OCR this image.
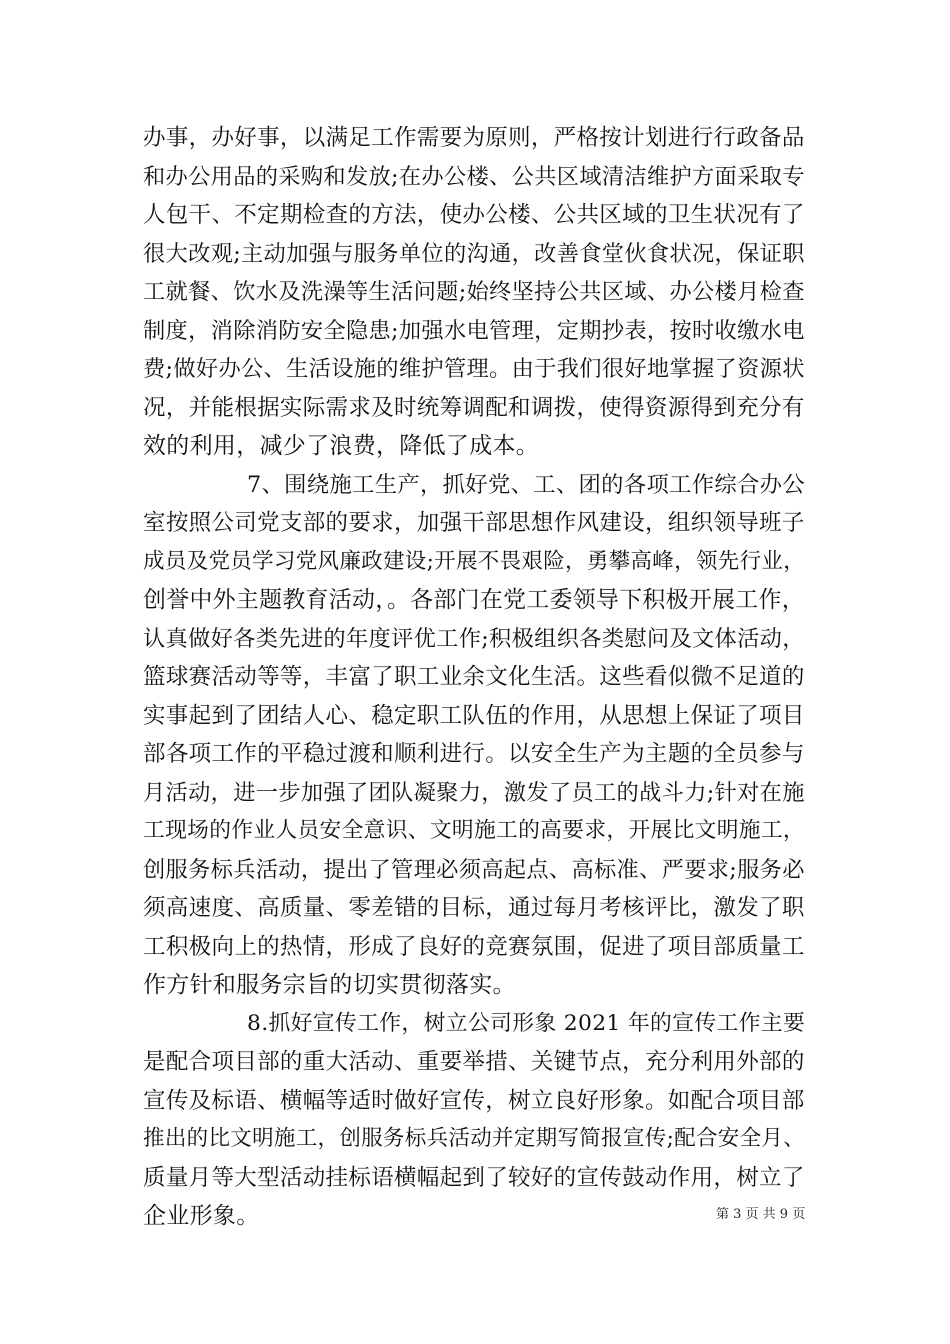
办事，办好事，以满足工作需要为原则，严格按计划进行行政备品
和办公用品的采购和发放;在办公楼、公共区域清洁维护方面采取专
人包干、不定期检查的方法，使办公楼、公共区域的卫生状况有了
很大改观;主动加强与服务单位的沟通，改善食堂伙食状况，保证职
工就餐、饮水及洗澡等生活问题;始终坚持公共区域、办公楼月检查
制度，消除消防安全隐患;加强水电管理，定期抄表，按时收缴水电
费;做好办公、生活设施的维护管理。由于我们很好地掌握了资源状
况，并能根据实际需求及时统筹调配和调拨，使得资源得到充分有
效的利用，减少了浪费，降低了成本。
7、围绕施工生产，抓好党、工、团的各项工作综合办公
室按照公司党支部的要求，加强干部思想作风建设，组织领导班子
成员及党员学习党风廉政建设;开展不畏艰险，勇攀高峰，领先行业，
创誉中外主题教育活动，。各部门在党工委领导下积极开展工作，
认真做好各类先进的年度评优工作;积极组织各类慰问及文体活动，
篮球赛活动等等，丰富了职工业余文化生活。这些看似微不足道的
实事起到了团结人心、稳定职工队伍的作用，从思想上保证了项目
部各项工作的平稳过渡和顺利进行。以安全生产为主题的全员参与
月活动，进一步加强了团队凝聚力，激发了员工的战斗力;针对在施
工现场的作业人员安全意识、文明施工的高要求，开展比文明施工，
创服务标兵活动，提出了管理必须高起点、高标准、严要求;服务必
须高速度、高质量、零差错的目标，通过每月考核评比，激发了职
工积极向上的热情，形成了良好的竞赛氛围，促进了项目部质量工
作方针和服务宗旨的切实贯彻落实。
8.抓好宣传工作，树立公司形象 2021 年的宣传工作主要
是配合项目部的重大活动、重要举措、关键节点，充分利用外部的
宣传及标语、横幅等适时做好宣传，树立良好形象。如配合项目部
推出的比文明施工，创服务标兵活动并定期写简报宣传;配合安全月、
质量月等大型活动挂标语横幅起到了较好的宣传鼓动作用，树立了
企业形象。	第 3 页 共 9 页
